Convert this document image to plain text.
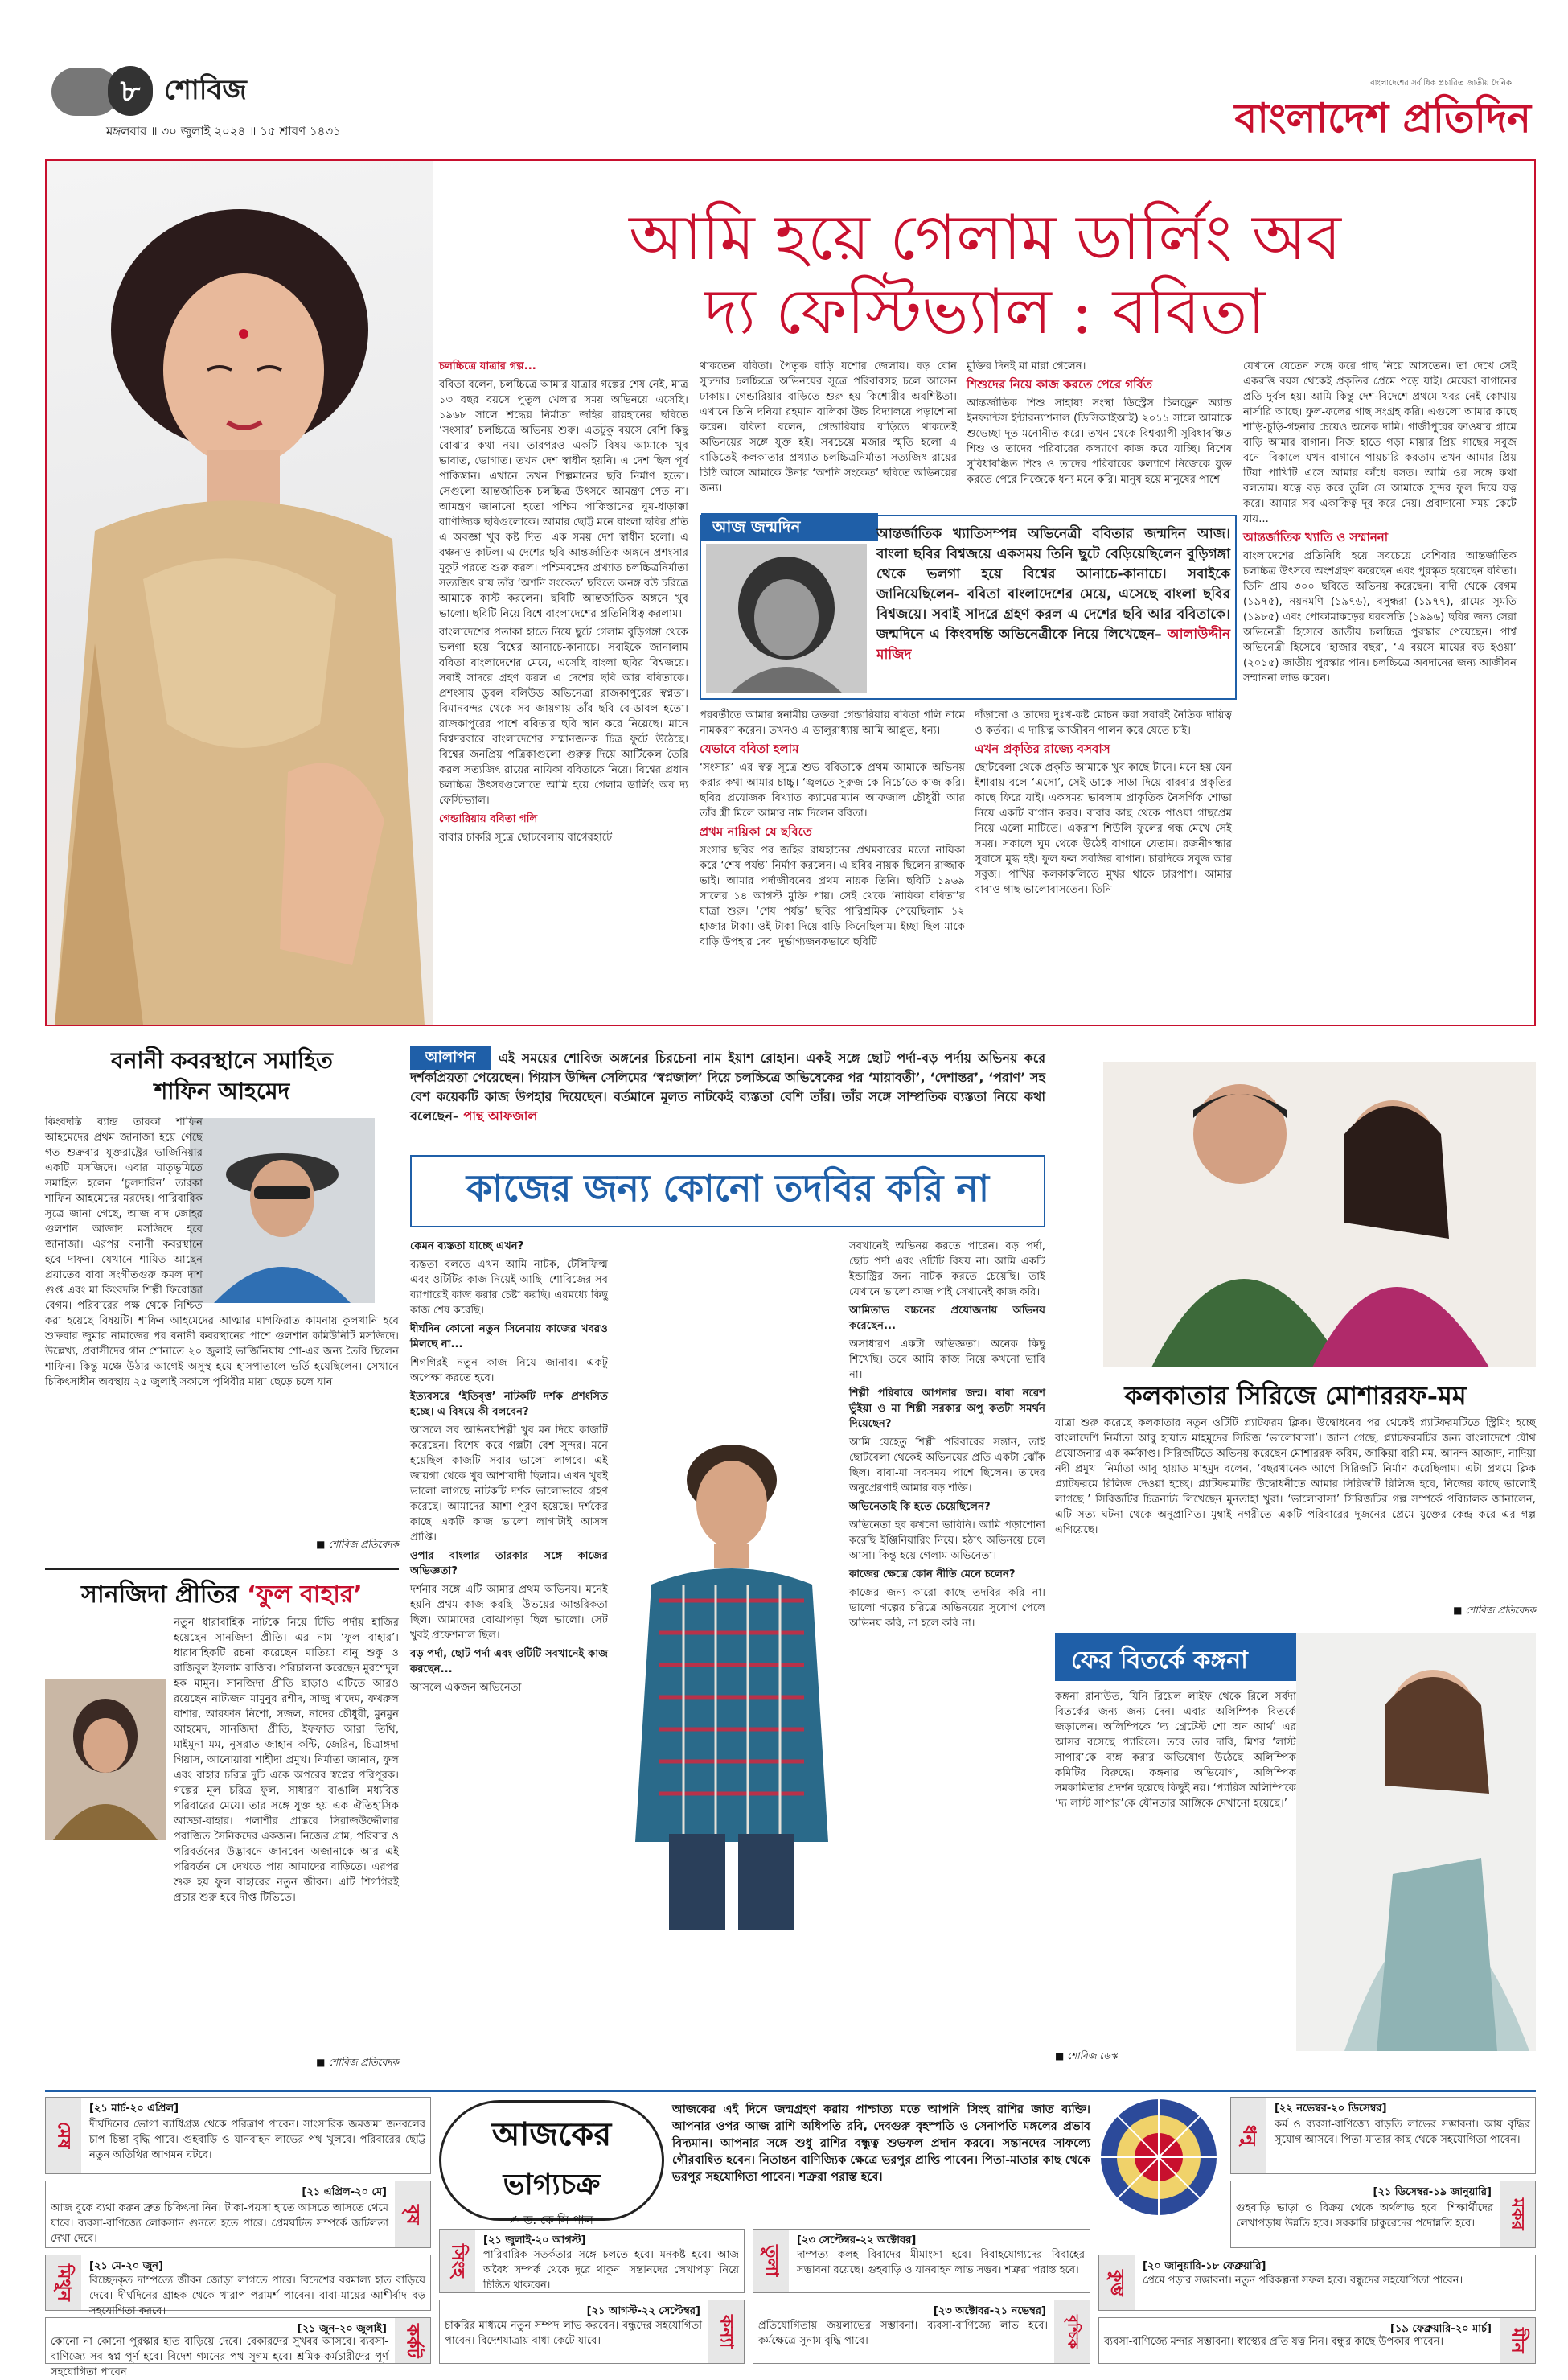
৮ শোবিজ
মঙ্গলবার ॥ ৩০ জুলাই ২০২৪ ॥ ১৫ শ্রাবণ ১৪৩১
বাংলাদেশের সর্বাধিক প্রচারিত জাতীয় দৈনিক
বাংলাদেশ প্রতিদিন
আমি হয়ে গেলাম ডার্লিং অব
দ্য ফেস্টিভ্যাল : ববিতা

চলচ্চিত্রে যাত্রার গল্প...

ববিতা বলেন, চলচ্চিত্রে আমার যাত্রার গল্পের শেষ নেই, মাত্র ১৩ বছর বয়সে পুতুল খেলার সময় অভিনয়ে এসেছি। ১৯৬৮ সালে শ্রদ্ধেয় নির্মাতা জহির রায়হানের ছবিতে ‘সংসার’ চলচ্চিত্রে অভিনয় শুরু। এতটুকু বয়সে বেশি কিছু বোঝার কথা নয়। তারপরও একটি বিষয় আমাকে খুব ভাবাত, ভোগাত। তখন দেশ স্বাধীন হয়নি। এ দেশ ছিল পূর্ব পাকিস্তান। এখানে তখন শিল্পমানের ছবি নির্মাণ হতো। সেগুলো আন্তর্জাতিক চলচ্চিত্র উৎসবে আমন্ত্রণ পেত না। আমন্ত্রণ জানানো হতো পশ্চিম পাকিস্তানের ঘুম-ধাড়াক্কা বাণিজ্যিক ছবিগুলোকে। আমার ছোট্ট মনে বাংলা ছবির প্রতি এ অবজ্ঞা খুব কষ্ট দিত। এক সময় দেশ স্বাধীন হলো। এ বঞ্চনাও কাটল। এ দেশের ছবি আন্তর্জাতিক অঙ্গনে প্রশংসার মুকুট পরতে শুরু করল। পশ্চিমবঙ্গের প্রখ্যাত চলচ্চিত্রনির্মাতা সত্যজিৎ রায় তাঁর ‘অশনি সংকেত’ ছবিতে অনঙ্গ বউ চরিত্রে আমাকে কাস্ট করলেন। ছবিটি আন্তর্জাতিক অঙ্গনে খুব ভালো। ছবিটি নিয়ে বিশ্বে বাংলাদেশের প্রতিনিধিত্ব করলাম।

বাংলাদেশের পতাকা হাতে নিয়ে ছুটে গেলাম বুড়িগঙ্গা থেকে ভলগা হয়ে বিশ্বের আনাচে-কানাচে। সবাইকে জানালাম ববিতা বাংলাদেশের মেয়ে, এসেছি বাংলা ছবির বিশ্বজয়ে। সবাই সাদরে গ্রহণ করল এ দেশের ছবি আর ববিতাকে। প্রশংসায় ডুবল বলিউড অভিনেত্রা রাজকাপুরের স্বপ্নতা। বিমানবন্দর থেকে সব জায়গায় তাঁর ছবি বে-ডাবল হতো। রাজকাপুরের পাশে ববিতার ছবি স্থান করে নিয়েছে। মানে বিশ্বদরবারে বাংলাদেশের সম্মানজনক চিত্র ফুটে উঠেছে। বিশ্বের জনপ্রিয় পত্রিকাগুলো গুরুত্ব দিয়ে আর্টিকেল তৈরি করল সত্যজিৎ রায়ের নায়িকা ববিতাকে নিয়ে। বিশ্বের প্রধান চলচ্চিত্র উৎসবগুলোতে আমি হয়ে গেলাম ডার্লিং অব দ্য ফেস্টিভ্যাল।

গেন্ডারিয়ায় ববিতা গলি

বাবার চাকরি সূত্রে ছোটবেলায় বাগেরহাটে

থাকতেন ববিতা। পৈতৃক বাড়ি যশোর জেলায়। বড় বোন সুচন্দার চলচ্চিত্রে অভিনয়ের সূত্রে পরিবারসহ চলে আসেন ঢাকায়। গেন্ডারিয়ার বাড়িতে শুরু হয় কিশোরীর অবশিষ্টতা। এখানে তিনি দনিয়া রহমান বালিকা উচ্চ বিদ্যালয়ে পড়াশোনা করেন। ববিতা বলেন, গেন্ডারিয়ার বাড়িতে থাকতেই অভিনয়ের সঙ্গে যুক্ত হই। সবচেয়ে মজার স্মৃতি হলো এ বাড়িতেই কলকাতার প্রখ্যাত চলচ্চিত্রনির্মাতা সত্যজিৎ রায়ের চিঠি আসে আমাকে উনার ‘অশনি সংকেত’ ছবিতে অভিনয়ের জন্য।

মুক্তির দিনই মা মারা গেলেন।

শিশুদের নিয়ে কাজ করতে পেরে গর্বিত

আন্তর্জাতিক শিশু সাহায্য সংস্থা ডিস্ট্রেস চিলড্রেন অ্যান্ড ইনফ্যান্টস ইন্টারন্যাশনাল (ডিসিআইআই) ২০১১ সালে আমাকে শুভেচ্ছা দূত মনোনীত করে। তখন থেকে বিশ্বব্যাপী সুবিধাবঞ্চিত শিশু ও তাদের পরিবারের কল্যাণে কাজ করে যাচ্ছি। বিশেষ সুবিধাবঞ্চিত শিশু ও তাদের পরিবারের কল্যাণে নিজেকে যুক্ত করতে পেরে নিজেকে ধন্য মনে করি। মানুষ হয়ে মানুষের পাশে

যেখানে যেতেন সঙ্গে করে গাছ নিয়ে আসতেন। তা দেখে সেই একরত্তি বয়স থেকেই প্রকৃতির প্রেমে পড়ে যাই। মেয়েরা বাগানের প্রতি দুর্বল হয়। আমি কিন্তু দেশ-বিদেশে প্রথমে খবর নেই কোথায় নার্সারি আছে। ফুল-ফলের গাছ সংগ্রহ করি। এগুলো আমার কাছে শাড়ি-চুড়ি-গহনার চেয়েও অনেক দামি। গাজীপুরের ফাওয়ার গ্রামে বাড়ি আমার বাগান। নিজ হাতে গড়া মায়ার প্রিয় গাছের সবুজ বনে। বিকালে যখন বাগানে পায়চারি করতাম তখন আমার প্রিয় টিয়া পাখিটি এসে আমার কাঁধে বসত। আমি ওর সঙ্গে কথা বলতাম। যত্নে বড় করে তুলি সে আমাকে সুন্দর ফুল দিয়ে যত্ন করে। আমার সব একাকিত্ব দূর করে দেয়। প্রবাদানো সময় কেটে যায়...

আন্তর্জাতিক খ্যাতি ও সম্মাননা

বাংলাদেশের প্রতিনিধি হয়ে সবচেয়ে বেশিবার আন্তর্জাতিক চলচ্চিত্র উৎসবে অংশগ্রহণ করেছেন এবং পুরস্কৃত হয়েছেন ববিতা। তিনি প্রায় ৩০০ ছবিতে অভিনয় করেছেন। বাদী থেকে বেগম (১৯৭৫), নয়নমণি (১৯৭৬), বসুন্ধরা (১৯৭৭), রামের সুমতি (১৯৮৫) এবং পোকামাকড়ের ঘরবসতি (১৯৯৬) ছবির জন্য সেরা অভিনেত্রী হিসেবে জাতীয় চলচ্চিত্র পুরস্কার পেয়েছেন। পার্শ্ব অভিনেত্রী হিসেবে ‘হাজার বছর’, ‘এ বয়সে মায়ের বড় হওয়া’ (২০১৫) জাতীয় পুরস্কার পান। চলচ্চিত্রে অবদানের জন্য আজীবন সম্মাননা লাভ করেন।

আজ জন্মদিন	আন্তর্জাতিক খ্যাতিসম্পন্ন অভিনেত্রী ববিতার জন্মদিন আজ। বাংলা ছবির বিশ্বজয়ে একসময় তিনি ছুটে বেড়িয়েছিলেন বুড়িগঙ্গা থেকে ভলগা হয়ে বিশ্বের আনাচে-কানাচে। সবাইকে জানিয়েছিলেন- ববিতা বাংলাদেশের মেয়ে, এসেছে বাংলা ছবির বিশ্বজয়ে। সবাই সাদরে গ্রহণ করল এ দেশের ছবি আর ববিতাকে। জন্মদিনে এ কিংবদন্তি অভিনেত্রীকে নিয়ে লিখেছেন– আলাউদ্দীন মাজিদ

পরবর্তীতে আমার স্বনামীয় ডক্তরা গেন্ডারিয়ায় ববিতা গলি নামে নামকরণ করেন। তখনও এ ডালুরাধ্যায় আমি আপ্লুত, ধন্য।

যেভাবে ববিতা হলাম

‘সংসার’ এর স্বত্ব সূত্রে শুভ ববিতাকে প্রথম আমাকে অভিনয় করার কথা আমার চাচ্চু। ‘জ্বলতে সুরুজ কে নিচে’তে কাজ করি। ছবির প্রযোজক বিখ্যাত ক্যামেরাম্যান আফজাল চৌধুরী আর তাঁর স্ত্রী মিলে আমার নাম দিলেন ববিতা।

প্রথম নায়িকা যে ছবিতে

সংসার ছবির পর জহির রায়হানের প্রথমবারের মতো নায়িকা করে ‘শেষ পর্যন্ত’ নির্মাণ করলেন। এ ছবির নায়ক ছিলেন রাজ্জাক ভাই। আমার পর্দাজীবনের প্রথম নায়ক তিনি। ছবিটি ১৯৬৯ সালের ১৪ আগস্ট মুক্তি পায়। সেই থেকে ‘নায়িকা ববিতা’র যাত্রা শুরু। ‘শেষ পর্যন্ত’ ছবির পারিশ্রমিক পেয়েছিলাম ১২ হাজার টাকা। ওই টাকা দিয়ে বাড়ি কিনেছিলাম। ইচ্ছা ছিল মাকে বাড়ি উপহার দেব। দুর্ভাগ্যজনকভাবে ছবিটি

দাঁড়ানো ও তাদের দুঃখ-কষ্ট মোচন করা সবারই নৈতিক দায়িত্ব ও কর্তব্য। এ দায়িত্ব আজীবন পালন করে যেতে চাই।

এখন প্রকৃতির রাজ্যে বসবাস

ছোটবেলা থেকে প্রকৃতি আমাকে খুব কাছে টানে। মনে হয় যেন ইশারায় বলে ‘এসো’, সেই ডাকে সাড়া দিয়ে বারবার প্রকৃতির কাছে ফিরে যাই। একসময় ভাবলাম প্রাকৃতিক নৈসর্গিক শোভা নিয়ে একটি বাগান করব। বাবার কাছ থেকে পাওয়া গাছপ্রেম নিয়ে এলো মাটিতে। একরাশ শিউলি ফুলের গন্ধ মেখে সেই সময়। সকালে ঘুম থেকে উঠেই বাগানে যেতাম। রজনীগন্ধার সুবাসে মুগ্ধ হই। ফুল ফল সবজির বাগান। চারদিকে সবুজ আর সবুজ। পাখির কলকাকলিতে মুখর থাকে চারপাশ। আমার বাবাও গাছ ভালোবাসতেন। তিনি

বনানী কবরস্থানে সমাহিত
শাফিন আহমেদ
কিংবদন্তি ব্যান্ড তারকা শাফিন আহমেদের প্রথম জানাজা হয়ে গেছে গত শুক্রবার যুক্তরাষ্ট্রের ভার্জিনিয়ার একটি মসজিদে। এবার মাতৃভূমিতে সমাহিত হলেন ‘চুলদারিন’ তারকা শাফিন আহমেদের মরদেহ। পারিবারিক সূত্রে জানা গেছে, আজ বাদ জোহর গুলশান আজাদ মসজিদে হবে জানাজা। এরপর বনানী কবরস্থানে হবে দাফন। যেখানে শায়িত আছেন প্রয়াতের বাবা সংগীতগুরু কমল দাশ গুপ্ত এবং মা কিংবদন্তি শিল্পী ফিরোজা বেগম। পরিবারের পক্ষ থেকে নিশ্চিত করা হয়েছে বিষয়টি। শাফিন আহমেদের আত্মার মাগফিরাত কামনায় কুলখানি হবে শুক্রবার জুমার নামাজের পর বনানী কবরস্থানের পাশে গুলশান কমিউনিটি মসজিদে। উল্লেখ্য, প্রবাসীদের গান শোনাতে ২০ জুলাই ভার্জিনিয়ায় শো-এর জন্য তৈরি ছিলেন শাফিন। কিন্তু মঞ্চে উঠার আগেই অসুস্থ হয়ে হাসপাতালে ভর্তি হয়েছিলেন। সেখানে চিকিৎসাধীন অবস্থায় ২৫ জুলাই সকালে পৃথিবীর মায়া ছেড়ে চলে যান।
■ শোবিজ প্রতিবেদক
সানজিদা প্রীতির ‘ফুল বাহার’
নতুন ধারাবাহিক নাটকে নিয়ে টিভি পর্দায় হাজির হয়েছেন সানজিদা প্রীতি। এর নাম ‘ফুল বাহার’। ধারাবাহিকটি রচনা করেছেন মাতিয়া বানু শুকু ও রাজিবুল ইসলাম রাজিব। পরিচালনা করেছেন মুরশেদুল হক মামুন। সানজিদা প্রীতি ছাড়াও এটিতে আরও রয়েছেন নাট্যজন মামুনুর রশীদ, সাজু খাদেম, ফখরুল বাশার, আরফান নিশো, সজল, নাদের চৌধুরী, মুনমুন আহমেদ, সানজিদা প্রীতি, ইফফাত আরা তিথি, মাইমুনা মম, নুসরাত জাহান কন্টি, জেরিন, চিত্রাঙ্গদা গিয়াস, আনোয়ারা শাহীদা প্রমুখ। নির্মাতা জানান, ফুল এবং বাহার চরিত্র দুটি একে অপরের স্বপ্নের পরিপূরক। গল্পের মূল চরিত্র ফুল, সাধারণ বাঙালি মধ্যবিত্ত পরিবারের মেয়ে। তার সঙ্গে যুক্ত হয় এক ঐতিহাসিক আড্ডা-বাহার। পলাশীর প্রান্তরে সিরাজউদ্দৌলার পরাজিত সৈনিকদের একজন। নিজের গ্রাম, পরিবার ও পরিবর্তনের উদ্ভাবনে জানবেন অজানাকে আর এই পরিবর্তন সে দেখতে পায় আমাদের বাড়িতে। এরপর শুরু হয় ফুল বাহারের নতুন জীবন। এটি শিগগিরই প্রচার শুরু হবে দীপ্ত টিভিতে।
■ শোবিজ প্রতিবেদক
আলাপন	এই সময়ের শোবিজ অঙ্গনের চিরচেনা নাম ইয়াশ রোহান। একই সঙ্গে ছোট পর্দা-বড় পর্দায় অভিনয় করে দর্শকপ্রিয়তা পেয়েছেন। গিয়াস উদ্দিন সেলিমের ‘স্বপ্নজাল’ দিয়ে চলচ্চিত্রে অভিষেকের পর ‘মায়াবতী’, ‘দেশান্তর’, ‘পরাণ’ সহ বেশ কয়েকটি কাজ উপহার দিয়েছেন। বর্তমানে মূলত নাটকেই ব্যস্ততা বেশি তাঁর। তাঁর সঙ্গে সাম্প্রতিক ব্যস্ততা নিয়ে কথা বলেছেন– পান্থ আফজাল
কাজের জন্য কোনো তদবির করি না

কেমন ব্যস্ততা যাচ্ছে এখন?

ব্যস্ততা বলতে এখন আমি নাটক, টেলিফিল্ম এবং ওটিটির কাজ নিয়েই আছি। শোবিজের সব ব্যাপারেই কাজ করার চেষ্টা করছি। এরমধ্যে কিছু কাজ শেষ করেছি।

দীর্ঘদিন কোনো নতুন সিনেমায় কাজের খবরও মিলছে না...

শিগগিরই নতুন কাজ নিয়ে জানাব। একটু অপেক্ষা করতে হবে।

ইত্যবসরে ‘ইতিবৃত্ত’ নাটকটি দর্শক প্রশংসিত হচ্ছে। এ বিষয়ে কী বলবেন?

আসলে সব অভিনয়শিল্পী খুব মন দিয়ে কাজটি করেছেন। বিশেষ করে গল্পটা বেশ সুন্দর। মনে হয়েছিল কাজটি সবার ভালো লাগবে। এই জায়গা থেকে খুব আশাবাদী ছিলাম। এখন খুবই ভালো লাগছে নাটকটি দর্শক ভালোভাবে গ্রহণ করেছে। আমাদের আশা পূরণ হয়েছে। দর্শকের কাছে একটি কাজ ভালো লাগাটাই আসল প্রাপ্তি।

ওপার বাংলার তারকার সঙ্গে কাজের অভিজ্ঞতা?

দর্শনার সঙ্গে এটি আমার প্রথম অভিনয়। মনেই হয়নি প্রথম কাজ করছি। উভয়ের আন্তরিকতা ছিল। আমাদের বোঝাপড়া ছিল ভালো। সেট খুবই প্রফেশনাল ছিল।

বড় পর্দা, ছোট পর্দা এবং ওটিটি সবখানেই কাজ করছেন...

আসলে একজন অভিনেতা

সবখানেই অভিনয় করতে পারেন। বড় পর্দা, ছোট পর্দা এবং ওটিটি বিষয় না। আমি একটি ইন্ডাস্ট্রির জন্য নাটক করতে চেয়েছি। তাই যেখানে ভালো কাজ পাই সেখানেই কাজ করি।

আমিতাভ বচ্চনের প্রযোজনায় অভিনয় করেছেন...

অসাধারণ একটা অভিজ্ঞতা। অনেক কিছু শিখেছি। তবে আমি কাজ নিয়ে কখনো ভাবি না।

শিল্পী পরিবারে আপনার জন্ম। বাবা নরেশ ভুঁইয়া ও মা শিল্পী সরকার অপু কতটা সমর্থন দিয়েছেন?

আমি যেহেতু শিল্পী পরিবারের সন্তান, তাই ছোটবেলা থেকেই অভিনয়ের প্রতি একটা ঝোঁক ছিল। বাবা-মা সবসময় পাশে ছিলেন। তাদের অনুপ্রেরণাই আমার বড় শক্তি।

অভিনেতাই কি হতে চেয়েছিলেন?

অভিনেতা হব কখনো ভাবিনি। আমি পড়াশোনা করেছি ইঞ্জিনিয়ারিং নিয়ে। হঠাৎ অভিনয়ে চলে আসা। কিন্তু হয়ে গেলাম অভিনেতা।

কাজের ক্ষেত্রে কোন নীতি মেনে চলেন?

কাজের জন্য কারো কাছে তদবির করি না। ভালো গল্পের চরিত্রে অভিনয়ের সুযোগ পেলে অভিনয় করি, না হলে করি না।

কলকাতার সিরিজে মোশাররফ-মম
যাত্রা শুরু করেছে কলকাতার নতুন ওটিটি প্ল্যাটফরম ক্লিক। উদ্বোধনের পর থেকেই প্ল্যাটফরমটিতে স্ট্রিমিং হচ্ছে বাংলাদেশি নির্মাতা আবু হায়াত মাহমুদের সিরিজ ‘ভালোবাসা’। জানা গেছে, প্ল্যাটফরমটির জন্য বাংলাদেশে যৌথ প্রযোজনার এক কর্মকাণ্ড। সিরিজটিতে অভিনয় করেছেন মোশাররফ করিম, জাকিয়া বারী মম, আনন্দ আজাদ, নাদিয়া নদী প্রমুখ। নির্মাতা আবু হায়াত মাহমুদ বলেন, ‘বছরখানেক আগে সিরিজটি নির্মাণ করেছিলাম। এটা প্রথমে ক্লিক প্ল্যাটফরমে রিলিজ দেওয়া হচ্ছে। প্ল্যাটফরমটির উদ্বোধনীতে আমার সিরিজটি রিলিজ হবে, নিজের কাছে ভালোই লাগছে।’ সিরিজটির চিত্রনাট্য লিখেছেন মুনতাহা খুরা। ‘ভালোবাসা’ সিরিজটির গল্প সম্পর্কে পরিচালক জানালেন, এটি সত্য ঘটনা থেকে অনুপ্রাণিত। মুম্বাই নগরীতে একটি পরিবারের দুজনের প্রেমে যুক্তের কেন্দ্র করে এর গল্প এগিয়েছে।
■ শোবিজ প্রতিবেদক
ফের বিতর্কে কঙ্গনা
কঙ্গনা রানাউত, যিনি রিয়েল লাইফ থেকে রিলে সর্বদা বিতর্কের জন্য জন্য দেন। এবার অলিম্পিক বিতর্কে জড়ালেন। অলিম্পিকে ‘দ্য গ্রেটেস্ট শো অন আর্থ’ এর আসর বসেছে প্যারিসে। তবে তার দাবি, মিশর ‘লাস্ট সাপার’কে ব্যঙ্গ করার অভিযোগ উঠেছে অলিম্পিক কমিটির বিরুদ্ধে। কঙ্গনার অভিযোগ, অলিম্পিক সমকামিতার প্রদর্শন হয়েছে কিছুই নয়। ‘প্যারিস অলিম্পিকে ‘দ্য লাস্ট সাপার’কে যৌনতার আঙ্গিকে দেখানো হয়েছে।’
■ শোবিজ ডেস্ক
আজকের
ভাগ্যচক্র
✍ ড. কে সি পাল
আজকের এই দিনে জন্মগ্রহণ করায় পাশ্চাত্য মতে আপনি সিংহ রাশির জাত ব্যক্তি। আপনার ওপর আজ রাশি অধিপতি রবি, দেবগুরু বৃহস্পতি ও সেনাপতি মঙ্গলের প্রভাব বিদ্যমান। আপনার সঙ্গে শুধু রাশির বন্ধুত্ব শুভফল প্রদান করবে। সন্তানদের সাফল্যে গৌরবান্বিত হবেন। নিতান্তন বাণিজ্যিক ক্ষেত্রে ভরপুর প্রাপ্তি পাবেন। পিতা-মাতার কাছ থেকে ভরপুর সহযোগিতা পাবেন। শত্রুরা পরাস্ত হবে।
মেষ
[২১ মার্চ-২০ এপ্রিল]
দীর্ঘদিনের ভোগা ব্যাধিগ্রস্ত থেকে পরিত্রাণ পাবেন। সাংসারিক জমজমা জনবলের চাপ চিন্তা বৃদ্ধি পাবে। গুহবাড়ি ও যানবাহন লাভের পথ খুলবে। পরিবারের ছোট্ট নতুন অতিথির আগমন ঘটবে।
বৃষ
[২১ এপ্রিল-২০ মে]
আজ বুকে ব্যথা করুন দ্রুত চিকিৎসা নিন। টাকা-পয়সা হাতে আসতে আসতে থেমে যাবে। ব্যবসা-বাণিজ্যে লোকসান গুনতে হতে পারে। প্রেমঘটিত সম্পর্কে জটিলতা দেখা দেবে।
মিথুন	[২১ মে-২০ জুন]
বিচ্ছেদকৃত দাম্পত্যে জীবন জোড়া লাগতে পারে। বিদেশের বরমাল্য হাত বাড়িয়ে দেবে। দীর্ঘদিনের গ্রাহক থেকে খারাপ পরামর্শ পাবেন। বাবা-মায়ের আশীর্বাদ বড় সহযোগিতা করবে।
কর্কট
[২১ জুন-২০ জুলাই]
কোনো না কোনো পুরস্কার হাত বাড়িয়ে দেবে। বেকারদের সুখবর আসবে। ব্যবসা-বাণিজ্যে সব স্বপ্ন পূর্ণ হবে। বিদেশ গমনের পথ সুগম হবে। শ্রমিক-কর্মচারীদের পূর্ণ সহযোগিতা পাবেন।
সিংহ
[২১ জুলাই-২০ আগস্ট]
পারিবারিক সতর্কতার সঙ্গে চলতে হবে। মনকষ্ট হবে। আজ অবৈধ সম্পর্ক থেকে দূরে থাকুন। সন্তানদের লেখাপড়া নিয়ে চিন্তিত থাকবেন।
কন্যা
[২১ আগস্ট-২২ সেপ্টেম্বর]
চাকরির মাধ্যমে নতুন সম্পদ লাভ করবেন। বন্ধুদের সহযোগিতা পাবেন। বিদেশযাত্রায় বাধা কেটে যাবে।
তুলা
[২৩ সেপ্টেম্বর-২২ অক্টোবর]
দাম্পত্য কলহ বিবাদের মীমাংসা হবে। বিবাহযোগ্যদের বিবাহের সম্ভাবনা রয়েছে। গুহবাড়ি ও যানবাহন লাভ সম্ভব। শত্রুরা পরাস্ত হবে।
বৃশ্চিক
[২৩ অক্টোবর-২১ নভেম্বর]
প্রতিযোগিতায় জয়লাভের সম্ভাবনা। ব্যবসা-বাণিজ্যে লাভ হবে। কর্মক্ষেত্রে সুনাম বৃদ্ধি পাবে।
ধনু
[২২ নভেম্বর-২০ ডিসেম্বর]
কর্ম ও ব্যবসা-বাণিজ্যে বাড়তি লাভের সম্ভাবনা। আয় বৃদ্ধির সুযোগ আসবে। পিতা-মাতার কাছ থেকে সহযোগিতা পাবেন।
মকর
[২১ ডিসেম্বর-১৯ জানুয়ারি]
গুহবাড়ি ভাড়া ও বিক্রয় থেকে অর্থলাভ হবে। শিক্ষার্থীদের লেখাপড়ায় উন্নতি হবে। সরকারি চাকুরেদের পদোন্নতি হবে।
কুম্ভ
[২০ জানুয়ারি-১৮ ফেব্রুয়ারি]
প্রেমে পড়ার সম্ভাবনা। নতুন পরিকল্পনা সফল হবে। বন্ধুদের সহযোগিতা পাবেন।
মীন
[১৯ ফেব্রুয়ারি-২০ মার্চ]
ব্যবসা-বাণিজ্যে মন্দার সম্ভাবনা। স্বাস্থ্যের প্রতি যত্ন নিন। বন্ধুর কাছে উপকার পাবেন।
